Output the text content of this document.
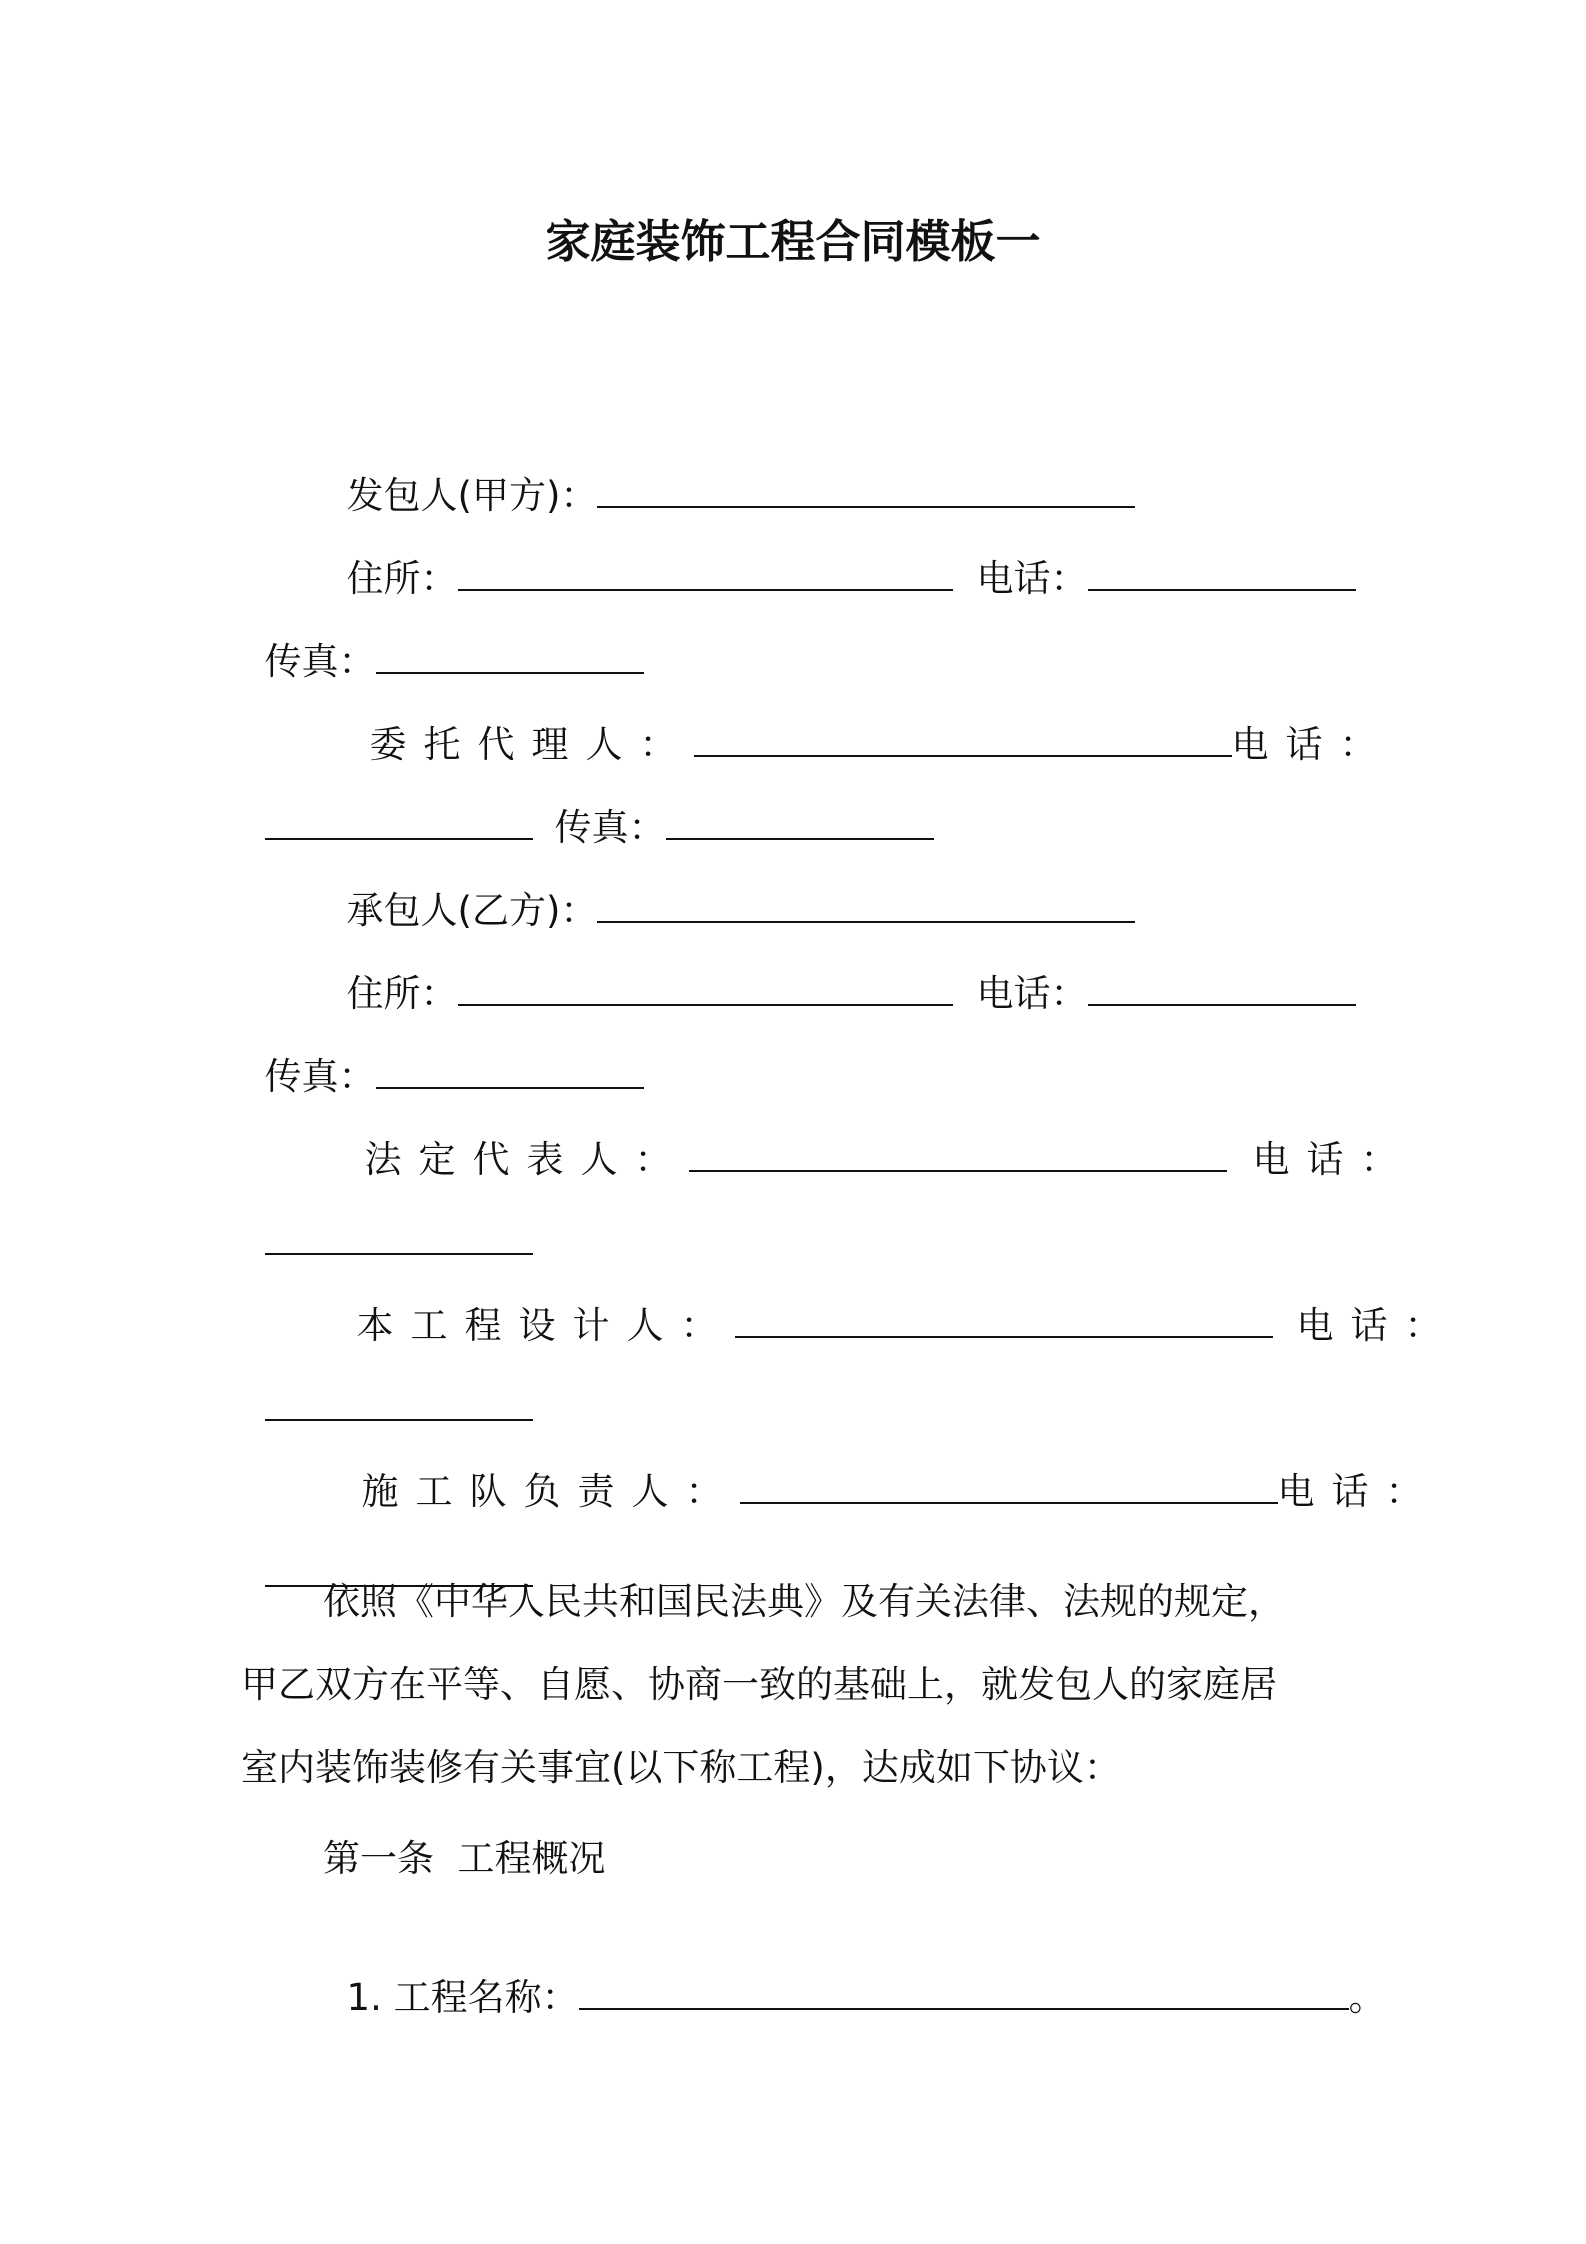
家庭装饰工程合同模板一

发包人(甲方)：

住所：	电话：

传真：

委托代理人：	电话：

传真：

承包人(乙方)：

住所：	电话：

传真：

法定代表人：	电话：

本工程设计人：	电话：

施工队负责人：	电话：

依照《中华人民共和国民法典》及有关法律、法规的规定，
甲乙双方在平等、自愿、协商一致的基础上，就发包人的家庭居
室内装饰装修有关事宜(以下称工程)，达成如下协议：
第一条  工程概况

1. 工程名称：	。
